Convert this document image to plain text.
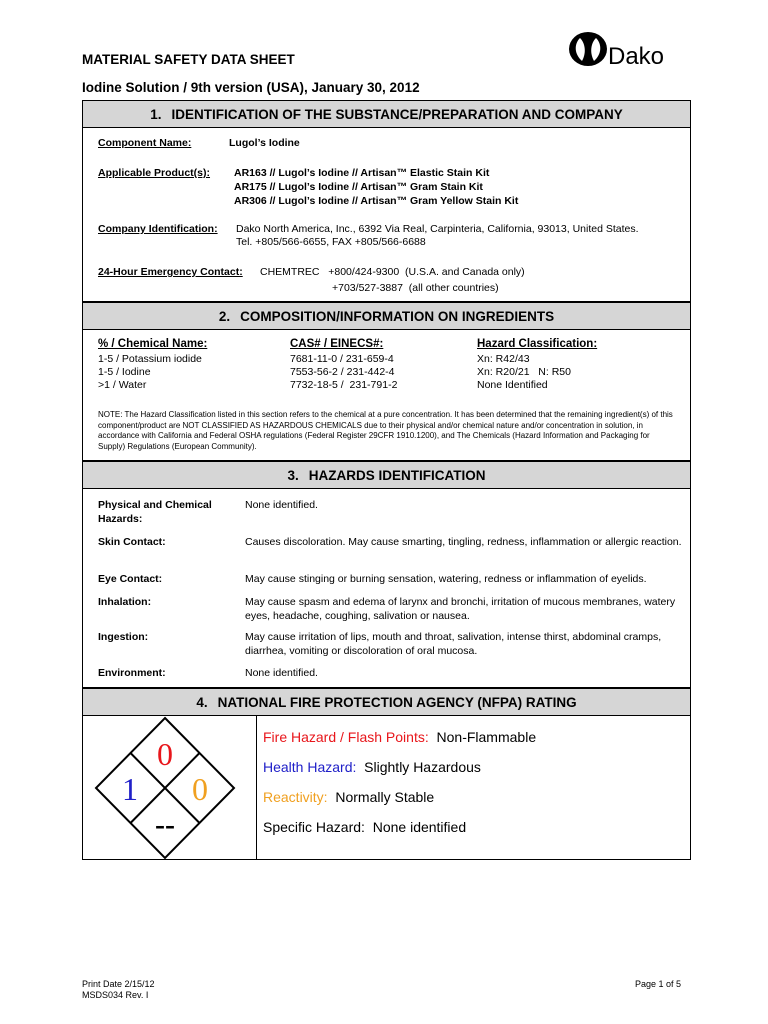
MATERIAL SAFETY DATA SHEET
Iodine Solution / 9th version (USA), January 30, 2012
Dako
1. IDENTIFICATION OF THE SUBSTANCE/PREPARATION AND COMPANY
Component Name:	Lugol’s Iodine
Applicable Product(s): AR163 // Lugol’s Iodine // Artisan™ Elastic Stain Kit
AR175 // Lugol’s Iodine // Artisan™ Gram Stain Kit
AR306 // Lugol’s Iodine // Artisan™ Gram Yellow Stain Kit
Company Identification: Dako North America, Inc., 6392 Via Real, Carpinteria, California, 93013, United States.
Tel. +805/566-6655, FAX +805/566-6688
24-Hour Emergency Contact: CHEMTREC   +800/424-9300  (U.S.A. and Canada only)
+703/527-3887  (all other countries)
2. COMPOSITION/INFORMATION ON INGREDIENTS
% / Chemical Name:	CAS# / EINECS#:	Hazard Classification:
1-5 / Potassium iodide	7681-11-0 / 231-659-4	Xn: R42/43
1-5 / Iodine	7553-56-2 / 231-442-4	Xn: R20/21   N: R50
>1 / Water	7732-18-5 /  231-791-2	None Identified
NOTE: The Hazard Classification listed in this section refers to the chemical at a pure concentration. It has been determined that the remaining ingredient(s) of this component/product are NOT CLASSIFIED AS HAZARDOUS CHEMICALS due to their physical and/or chemical nature and/or concentration in solution, in accordance with California and Federal OSHA regulations (Federal Register 29CFR 1910.1200), and The Chemicals (Hazard Information and Packaging for Supply) Regulations (European Community).
3. HAZARDS IDENTIFICATION
Physical and Chemical Hazards:
None identified.
Skin Contact:	Causes discoloration. May cause smarting, tingling, redness, inflammation or allergic reaction.
Eye Contact:	May cause stinging or burning sensation, watering, redness or inflammation of eyelids.
Inhalation:	May cause spasm and edema of larynx and bronchi, irritation of mucous membranes, watery eyes, headache, coughing, salivation or nausea.
Ingestion:	May cause irritation of lips, mouth and throat, salivation, intense thirst, abdominal cramps, diarrhea, vomiting or discoloration of oral mucosa.
Environment:	None identified.
4. NATIONAL FIRE PROTECTION AGENCY (NFPA) RATING
0
1 0
--
Fire Hazard / Flash Points: Non-Flammable
Health Hazard: Slightly Hazardous
Reactivity: Normally Stable
Specific Hazard: None identified
Print Date 2/15/12
MSDS034 Rev. I
Page 1 of 5
